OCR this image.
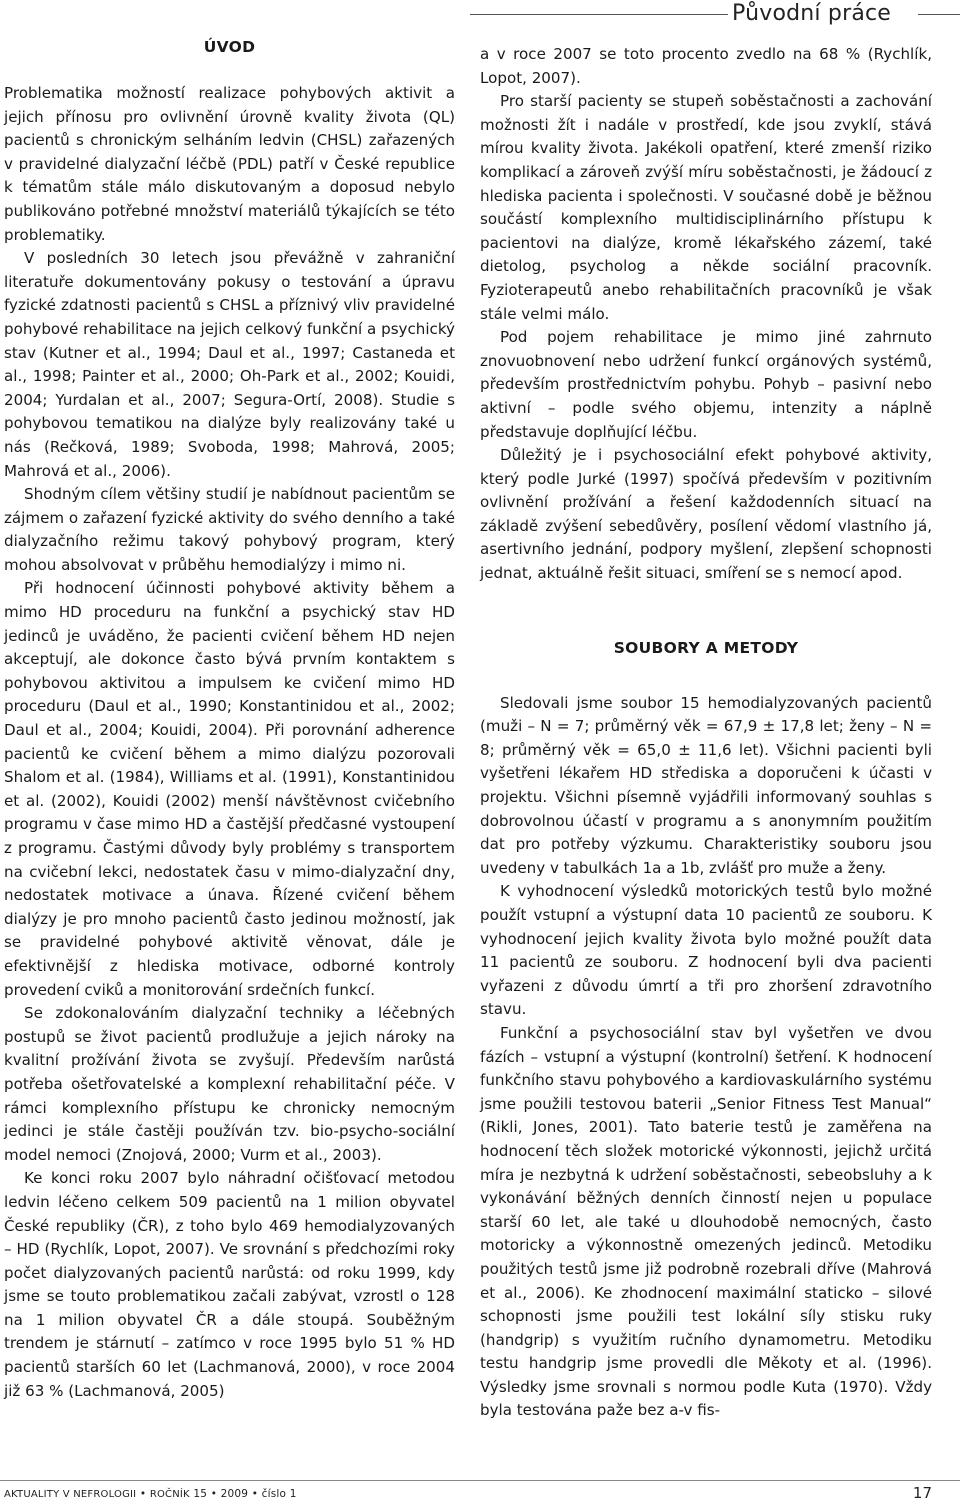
Původní práce
ÚVOD

Problematika možností realizace pohybových aktivit a jejich přínosu pro ovlivnění úrovně kvality života (QL) pacientů s chronickým selháním ledvin (CHSL) zařazených v pravidelné dialyzační léčbě (PDL) patří v České republice k tématům stále málo diskutovaným a doposud nebylo publikováno potřebné množství materiálů týkajících se této problematiky.

V posledních 30 letech jsou převážně v zahraniční literatuře dokumentovány pokusy o testování a úpravu fyzické zdatnosti pacientů s CHSL a příznivý vliv pravidelné pohybové rehabilitace na jejich celkový funkční a psychický stav (Kutner et al., 1994; Daul et al., 1997; Castaneda et al., 1998; Painter et al., 2000; Oh-Park et al., 2002; Kouidi, 2004; Yurdalan et al., 2007; Segura-Ortí, 2008). Studie s pohybovou tematikou na dialýze byly realizovány také u nás (Rečková, 1989; Svoboda, 1998; Mahrová, 2005; Mahrová et al., 2006).

Shodným cílem většiny studií je nabídnout pacientům se zájmem o zařazení fyzické aktivity do svého denního a také dialyzačního režimu takový pohybový program, který mohou absolvovat v průběhu hemodialýzy i mimo ni.

Při hodnocení účinnosti pohybové aktivity během a mimo HD proceduru na funkční a psychický stav HD jedinců je uváděno, že pacienti cvičení během HD nejen akceptují, ale dokonce často bývá prvním kontaktem s pohybovou aktivitou a impulsem ke cvičení mimo HD proceduru (Daul et al., 1990; Konstantinidou et al., 2002; Daul et al., 2004; Kouidi, 2004). Při porovnání adherence pacientů ke cvičení během a mimo dialýzu pozorovali Shalom et al. (1984), Williams et al. (1991), Konstantinidou et al. (2002), Kouidi (2002) menší návštěvnost cvičebního programu v čase mimo HD a častější předčasné vystoupení z programu. Častými důvody byly problémy s transportem na cvičební lekci, nedostatek času v mimo-dialyzační dny, nedostatek motivace a únava. Řízené cvičení během dialýzy je pro mnoho pacientů často jedinou možností, jak se pravidelné pohybové aktivitě věnovat, dále je efektivnější z hlediska motivace, odborné kontroly provedení cviků a monitorování srdečních funkcí.

Se zdokonalováním dialyzační techniky a léčebných postupů se život pacientů prodlužuje a jejich nároky na kvalitní prožívání života se zvyšují. Především narůstá potřeba ošetřovatelské a komplexní rehabilitační péče. V rámci komplexního přístupu ke chronicky nemocným jedinci je stále častěji používán tzv. bio-psycho-sociální model nemoci (Znojová, 2000; Vurm et al., 2003).

Ke konci roku 2007 bylo náhradní očišťovací metodou ledvin léčeno celkem 509 pacientů na 1 milion obyvatel České republiky (ČR), z toho bylo 469 hemodialyzovaných – HD (Rychlík, Lopot, 2007). Ve srovnání s předchozími roky počet dialyzovaných pacientů narůstá: od roku 1999, kdy jsme se touto problematikou začali zabývat, vzrostl o 128 na 1 milion obyvatel ČR a dále stoupá. Souběžným trendem je stárnutí – zatímco v roce 1995 bylo 51 % HD pacientů starších 60 let (Lachmanová, 2000), v roce 2004 již 63 % (Lachmanová, 2005)

a v roce 2007 se toto procento zvedlo na 68 % (Rychlík, Lopot, 2007).

Pro starší pacienty se stupeň soběstačnosti a zachování možnosti žít i nadále v prostředí, kde jsou zvyklí, stává mírou kvality života. Jakékoli opatření, které zmenší riziko komplikací a zároveň zvýší míru soběstačnosti, je žádoucí z hlediska pacienta i společnosti. V současné době je běžnou součástí komplexního multidisciplinárního přístupu k pacientovi na dialýze, kromě lékařského zázemí, také dietolog, psycholog a někde sociální pracovník. Fyzioterapeutů anebo rehabilitačních pracovníků je však stále velmi málo.

Pod pojem rehabilitace je mimo jiné zahrnuto znovuobnovení nebo udržení funkcí orgánových systémů, především prostřednictvím pohybu. Pohyb – pasivní nebo aktivní – podle svého objemu, intenzity a náplně představuje doplňující léčbu.

Důležitý je i psychosociální efekt pohybové aktivity, který podle Jurké (1997) spočívá především v pozitivním ovlivnění prožívání a řešení každodenních situací na základě zvýšení sebedůvěry, posílení vědomí vlastního já, asertivního jednání, podpory myšlení, zlepšení schopnosti jednat, aktuálně řešit situaci, smíření se s nemocí apod.

SOUBORY A METODY

Sledovali jsme soubor 15 hemodialyzovaných pacientů (muži – N = 7; průměrný věk = 67,9 ± 17,8 let; ženy – N = 8; průměrný věk = 65,0 ± 11,6 let). Všichni pacienti byli vyšetřeni lékařem HD střediska a doporučeni k účasti v projektu. Všichni písemně vyjádřili informovaný souhlas s dobrovolnou účastí v programu a s anonymním použitím dat pro potřeby výzkumu. Charakteristiky souboru jsou uvedeny v tabulkách 1a a 1b, zvlášť pro muže a ženy.

K vyhodnocení výsledků motorických testů bylo možné použít vstupní a výstupní data 10 pacientů ze souboru. K vyhodnocení jejich kvality života bylo možné použít data 11 pacientů ze souboru. Z hodnocení byli dva pacienti vyřazeni z důvodu úmrtí a tři pro zhoršení zdravotního stavu.

Funkční a psychosociální stav byl vyšetřen ve dvou fázích – vstupní a výstupní (kontrolní) šetření. K hodnocení funkčního stavu pohybového a kardiovaskulárního systému jsme použili testovou baterii „Senior Fitness Test Manual“ (Rikli, Jones, 2001). Tato baterie testů je zaměřena na hodnocení těch složek motorické výkonnosti, jejichž určitá míra je nezbytná k udržení soběstačnosti, sebeobsluhy a k vykonávání běžných denních činností nejen u populace starší 60 let, ale také u dlouhodobě nemocných, často motoricky a výkonnostně omezených jedinců. Metodiku použitých testů jsme již podrobně rozebrali dříve (Mahrová et al., 2006). Ke zhodnocení maximální staticko – silové schopnosti jsme použili test lokální síly stisku ruky (handgrip) s využitím ručního dynamometru. Metodiku testu handgrip jsme provedli dle Měkoty et al. (1996). Výsledky jsme srovnali s normou podle Kuta (1970). Vždy byla testována paže bez a-v fis-

AKTUALITY V NEFROLOGII • ROČNÍK 15 • 2009 • číslo 1	17
